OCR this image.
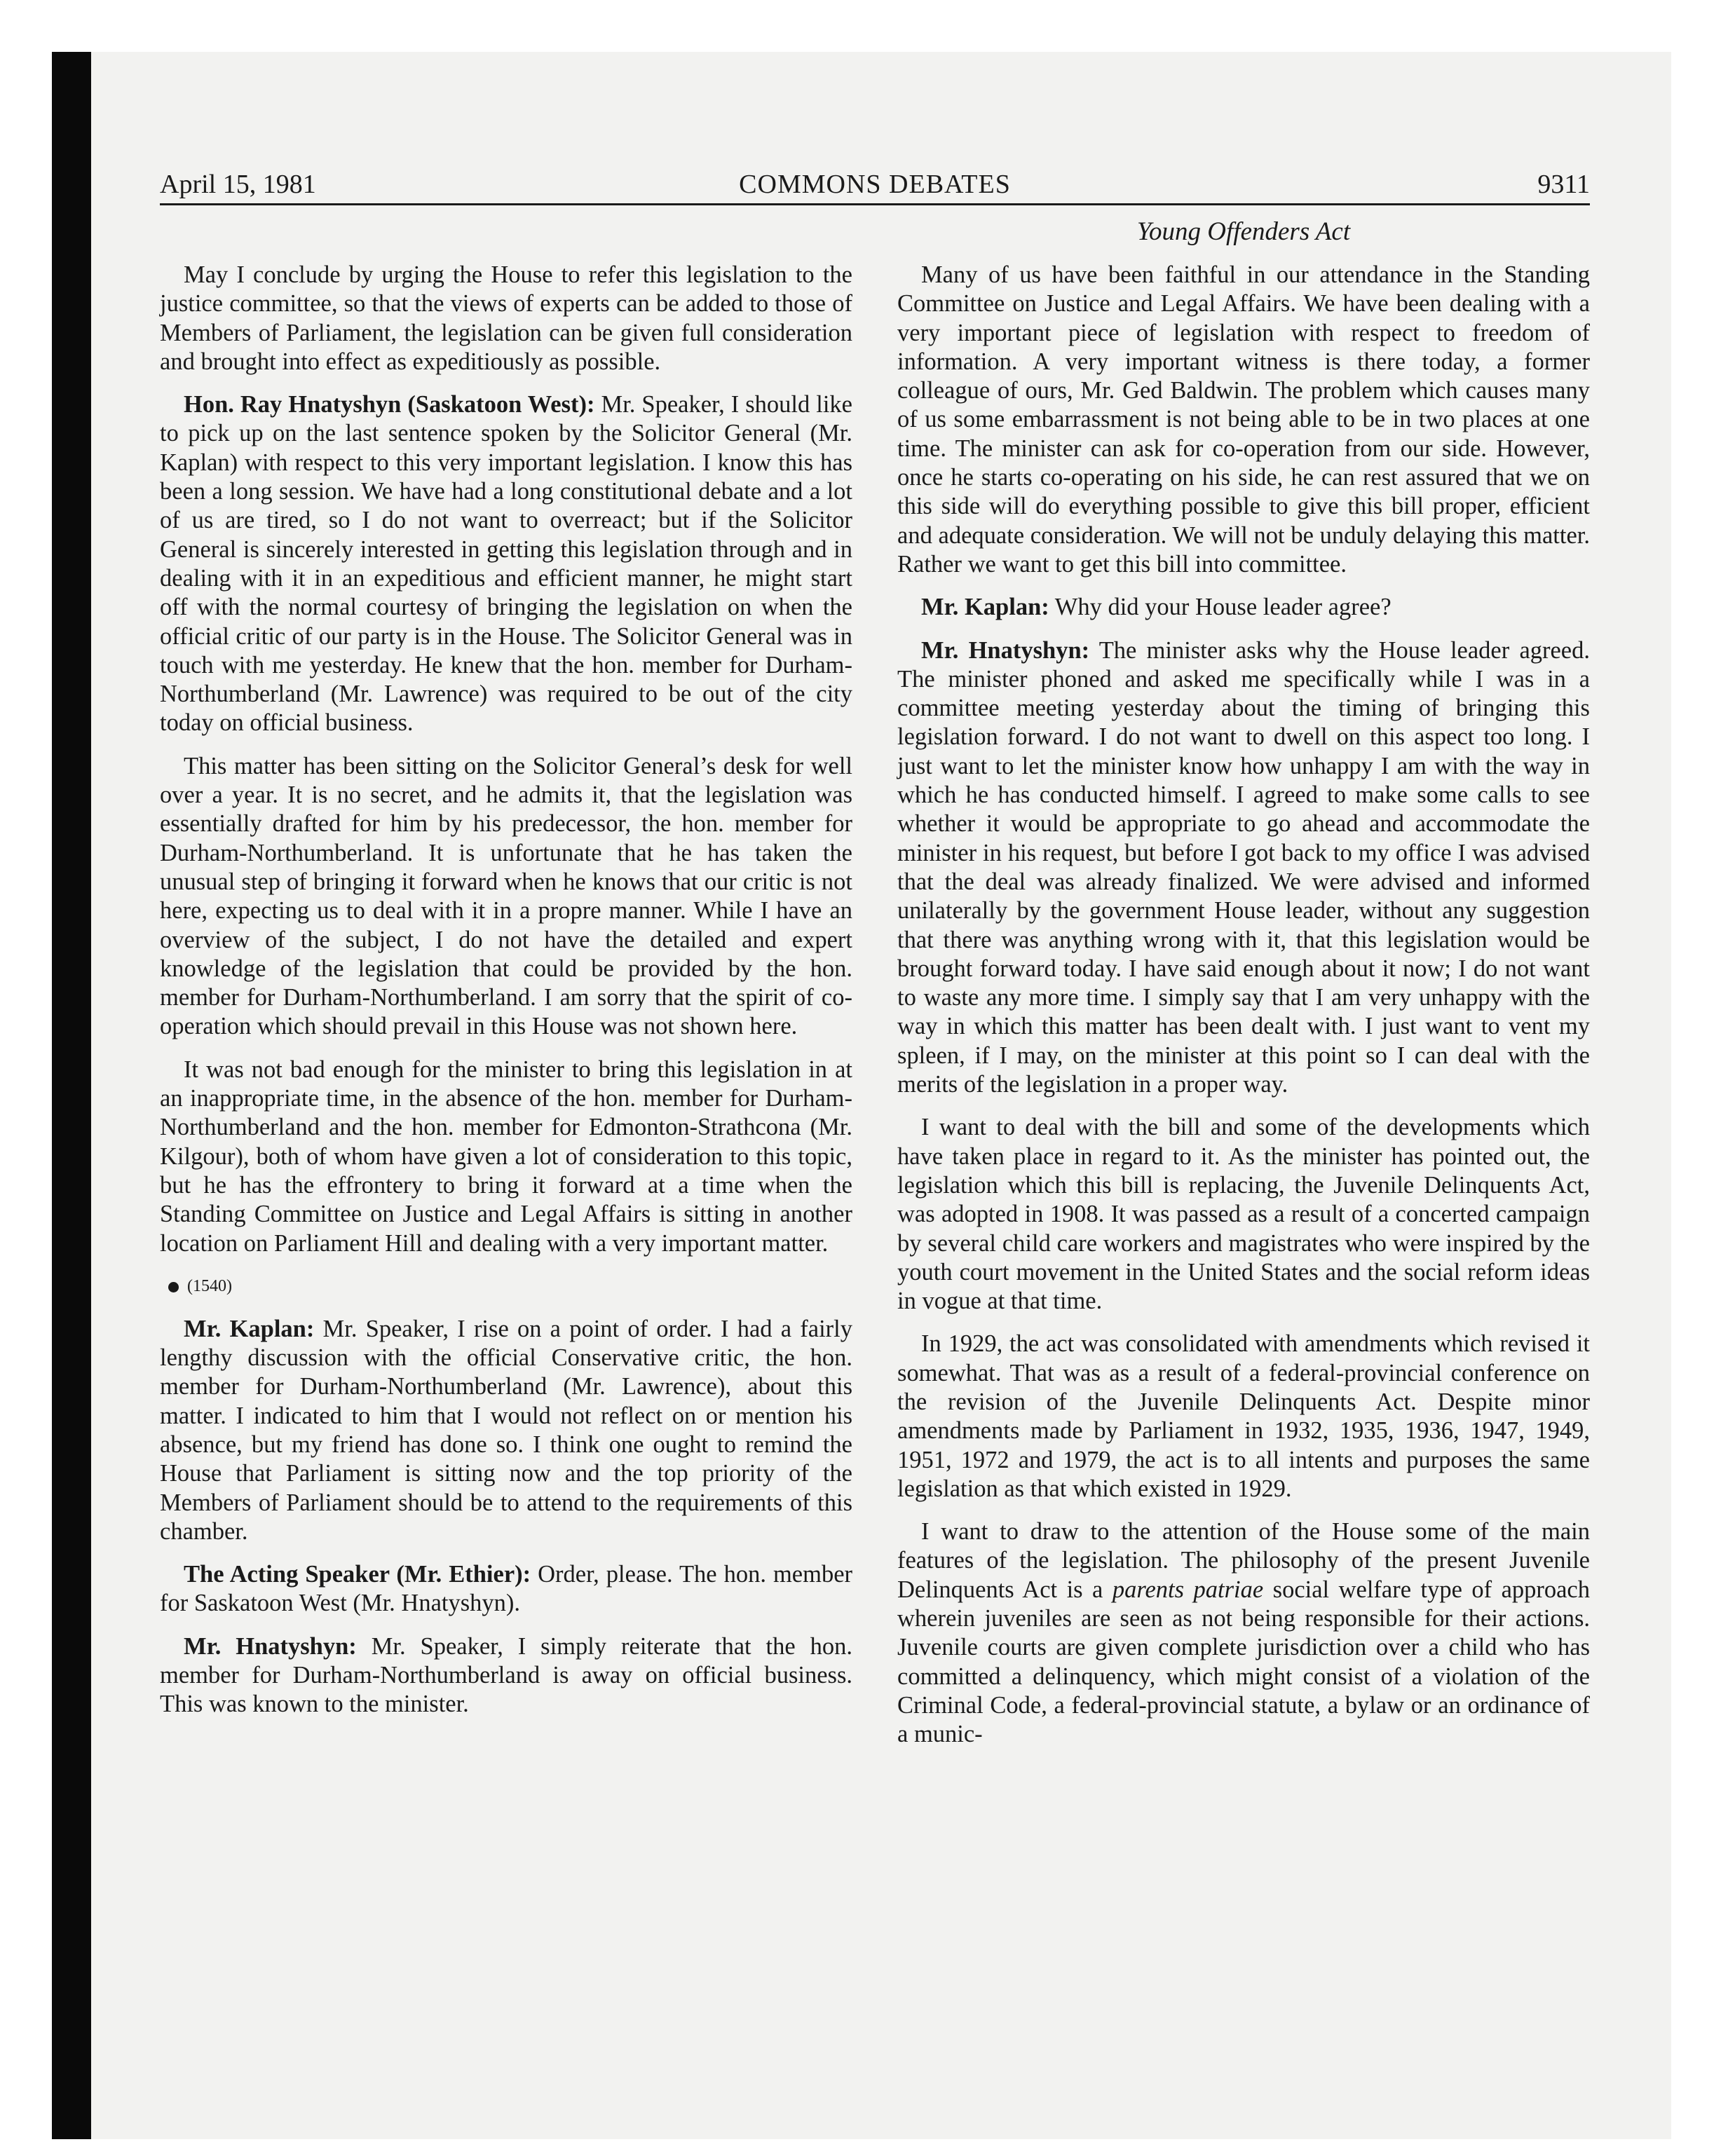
April 15, 1981	COMMONS DEBATES	9311
Young Offenders Act

May I conclude by urging the House to refer this legislation to the justice committee, so that the views of experts can be added to those of Members of Parliament, the legislation can be given full consideration and brought into effect as expeditiously as possible.

Hon. Ray Hnatyshyn (Saskatoon West): Mr. Speaker, I should like to pick up on the last sentence spoken by the Solicitor General (Mr. Kaplan) with respect to this very important legislation. I know this has been a long session. We have had a long constitutional debate and a lot of us are tired, so I do not want to overreact; but if the Solicitor General is sincerely interested in getting this legislation through and in dealing with it in an expeditious and efficient manner, he might start off with the normal courtesy of bringing the legislation on when the official critic of our party is in the House. The Solicitor General was in touch with me yesterday. He knew that the hon. member for Durham-Northumberland (Mr. Lawrence) was required to be out of the city today on official business.

This matter has been sitting on the Solicitor General’s desk for well over a year. It is no secret, and he admits it, that the legislation was essentially drafted for him by his predecessor, the hon. member for Durham-Northumberland. It is unfortunate that he has taken the unusual step of bringing it forward when he knows that our critic is not here, expecting us to deal with it in a propre manner. While I have an overview of the subject, I do not have the detailed and expert knowledge of the legislation that could be provided by the hon. member for Durham-Northumberland. I am sorry that the spirit of cooperation which should prevail in this House was not shown here.

It was not bad enough for the minister to bring this legislation in at an inappropriate time, in the absence of the hon. member for Durham-Northumberland and the hon. member for Edmonton-Strathcona (Mr. Kilgour), both of whom have given a lot of consideration to this topic, but he has the effrontery to bring it forward at a time when the Standing Committee on Justice and Legal Affairs is sitting in another location on Parliament Hill and dealing with a very important matter.

(1540)

Mr. Kaplan: Mr. Speaker, I rise on a point of order. I had a fairly lengthy discussion with the official Conservative critic, the hon. member for Durham-Northumberland (Mr. Lawrence), about this matter. I indicated to him that I would not reflect on or mention his absence, but my friend has done so. I think one ought to remind the House that Parliament is sitting now and the top priority of the Members of Parliament should be to attend to the requirements of this chamber.

The Acting Speaker (Mr. Ethier): Order, please. The hon. member for Saskatoon West (Mr. Hnatyshyn).

Mr. Hnatyshyn: Mr. Speaker, I simply reiterate that the hon. member for Durham-Northumberland is away on official business. This was known to the minister.

Many of us have been faithful in our attendance in the Standing Committee on Justice and Legal Affairs. We have been dealing with a very important piece of legislation with respect to freedom of information. A very important witness is there today, a former colleague of ours, Mr. Ged Baldwin. The problem which causes many of us some embarrassment is not being able to be in two places at one time. The minister can ask for co-operation from our side. However, once he starts co-operating on his side, he can rest assured that we on this side will do everything possible to give this bill proper, efficient and adequate consideration. We will not be unduly delaying this matter. Rather we want to get this bill into committee.

Mr. Kaplan: Why did your House leader agree?

Mr. Hnatyshyn: The minister asks why the House leader agreed. The minister phoned and asked me specifically while I was in a committee meeting yesterday about the timing of bringing this legislation forward. I do not want to dwell on this aspect too long. I just want to let the minister know how unhappy I am with the way in which he has conducted himself. I agreed to make some calls to see whether it would be appropriate to go ahead and accommodate the minister in his request, but before I got back to my office I was advised that the deal was already finalized. We were advised and informed unilaterally by the government House leader, without any suggestion that there was anything wrong with it, that this legislation would be brought forward today. I have said enough about it now; I do not want to waste any more time. I simply say that I am very unhappy with the way in which this matter has been dealt with. I just want to vent my spleen, if I may, on the minister at this point so I can deal with the merits of the legislation in a proper way.

I want to deal with the bill and some of the developments which have taken place in regard to it. As the minister has pointed out, the legislation which this bill is replacing, the Juvenile Delinquents Act, was adopted in 1908. It was passed as a result of a concerted campaign by several child care workers and magistrates who were inspired by the youth court movement in the United States and the social reform ideas in vogue at that time.

In 1929, the act was consolidated with amendments which revised it somewhat. That was as a result of a federal-provincial conference on the revision of the Juvenile Delinquents Act. Despite minor amendments made by Parliament in 1932, 1935, 1936, 1947, 1949, 1951, 1972 and 1979, the act is to all intents and purposes the same legislation as that which existed in 1929.

I want to draw to the attention of the House some of the main features of the legislation. The philosophy of the present Juvenile Delinquents Act is a parents patriae social welfare type of approach wherein juveniles are seen as not being responsible for their actions. Juvenile courts are given complete jurisdiction over a child who has committed a delinquency, which might consist of a violation of the Criminal Code, a federal-provincial statute, a bylaw or an ordinance of a munic-
